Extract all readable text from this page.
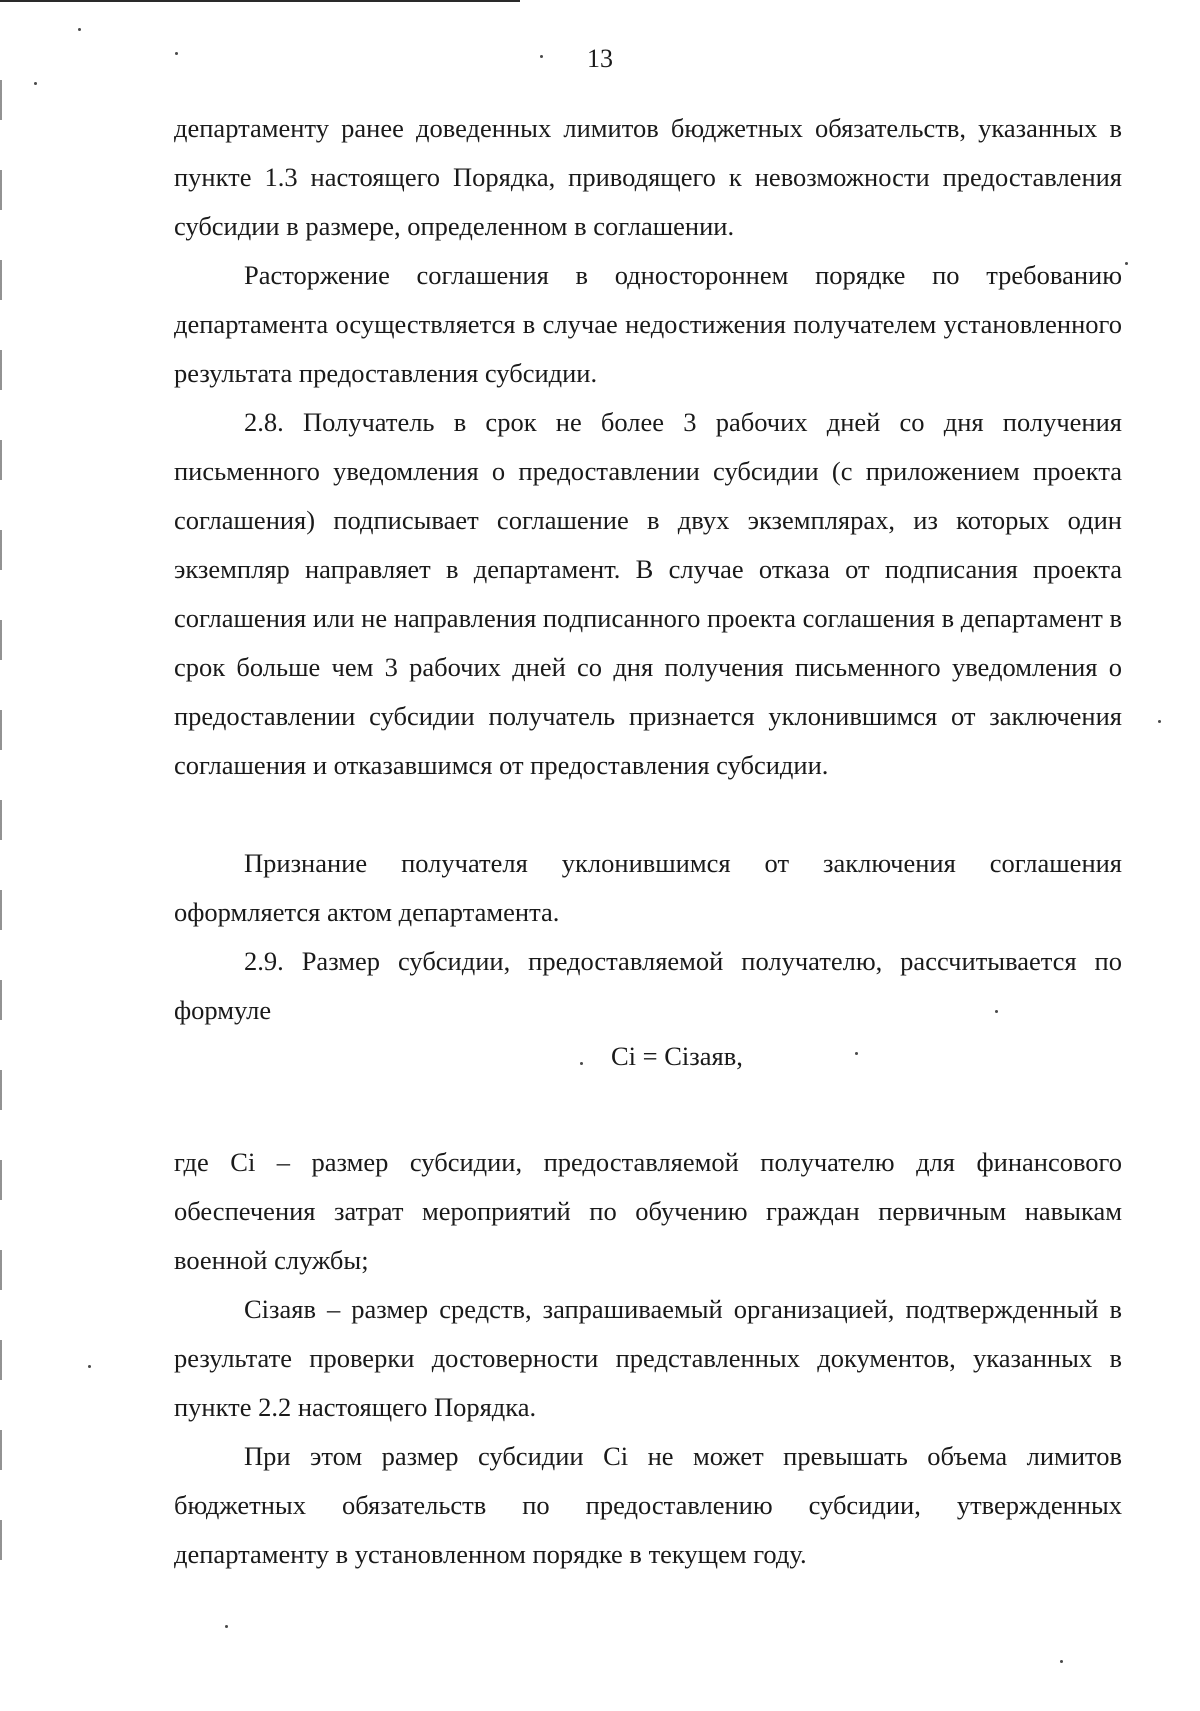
13

департаменту ранее доведенных лимитов бюджетных обязательств, указанных в пункте 1.3 настоящего Порядка, приводящего к невозможности предоставления субсидии в размере, определенном в соглашении.

Расторжение соглашения в одностороннем порядке по требованию департамента осуществляется в случае недостижения получателем установленного результата предоставления субсидии.

2.8. Получатель в срок не более 3 рабочих дней со дня получения письменного уведомления о предоставлении субсидии (с приложением проекта соглашения) подписывает соглашение в двух экземплярах, из которых один экземпляр направляет в департамент. В случае отказа от подписания проекта соглашения или не направления подписанного проекта соглашения в департамент в срок больше чем 3 рабочих дней со дня получения письменного уведомления о предоставлении субсидии получатель признается уклонившимся от заключения соглашения и отказавшимся от предоставления субсидии.

Признание получателя уклонившимся от заключения соглашения оформляется актом департамента.

2.9. Размер субсидии, предоставляемой получателю, рассчитывается по формуле

Ci = Ciзаяв,

где Ci – размер субсидии, предоставляемой получателю для финансового обеспечения затрат мероприятий по обучению граждан первичным навыкам военной службы;

Ciзаяв – размер средств, запрашиваемый организацией, подтвержденный в результате проверки достоверности представленных документов, указанных в пункте 2.2 настоящего Порядка.

При этом размер субсидии Ci не может превышать объема лимитов бюджетных обязательств по предоставлению субсидии, утвержденных департаменту в установленном порядке в текущем году.
